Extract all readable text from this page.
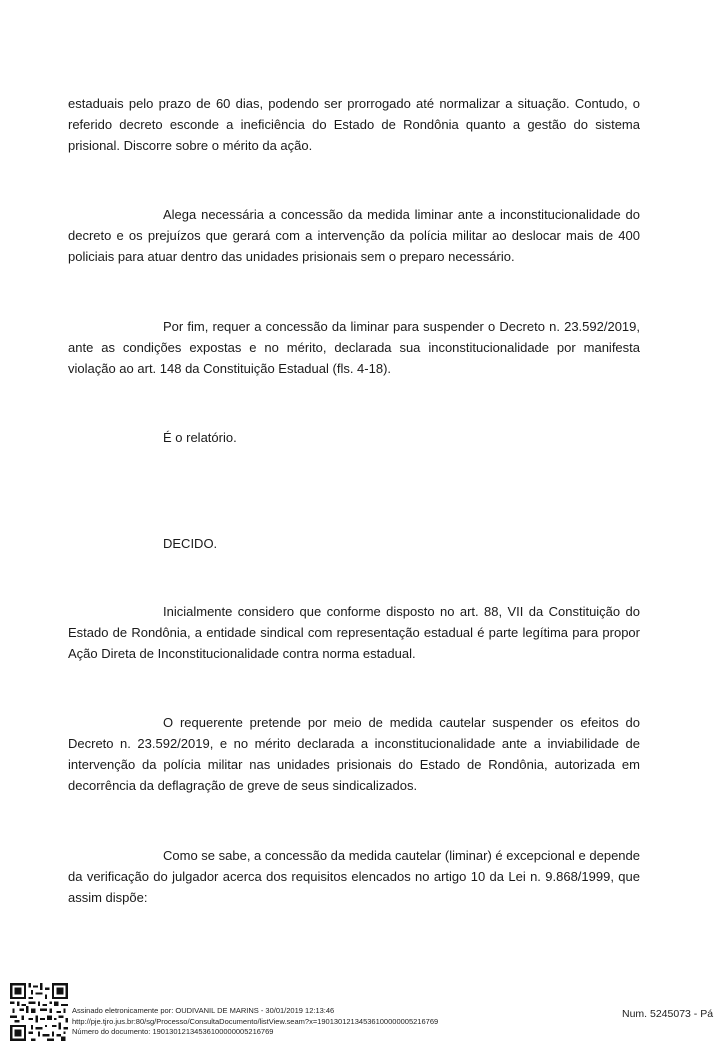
estaduais pelo prazo de 60 dias, podendo ser prorrogado até normalizar a situação. Contudo, o referido decreto esconde a ineficiência do Estado de Rondônia quanto a gestão do sistema prisional. Discorre sobre o mérito da ação.

Alega necessária a concessão da medida liminar ante a inconstitucionalidade do decreto e os prejuízos que gerará com a intervenção da polícia militar ao deslocar mais de 400 policiais para atuar dentro das unidades prisionais sem o preparo necessário.

Por fim, requer a concessão da liminar para suspender o Decreto n. 23.592/2019, ante as condições expostas e no mérito, declarada sua inconstitucionalidade por manifesta violação ao art. 148 da Constituição Estadual (fls. 4-18).

É o relatório.

DECIDO.

Inicialmente considero que conforme disposto no art. 88, VII da Constituição do Estado de Rondônia, a entidade sindical com representação estadual é parte legítima para propor Ação Direta de Inconstitucionalidade contra norma estadual.

O requerente pretende por meio de medida cautelar suspender os efeitos do Decreto n. 23.592/2019, e no mérito declarada a inconstitucionalidade ante a inviabilidade de intervenção da polícia militar nas unidades prisionais do Estado de Rondônia, autorizada em decorrência da deflagração de greve de seus sindicalizados.

Como se sabe, a concessão da medida cautelar (liminar) é excepcional e depende da verificação do julgador acerca dos requisitos elencados no artigo 10 da Lei n. 9.868/1999, que assim dispõe:

Assinado eletronicamente por: OUDIVANIL DE MARINS - 30/01/2019 12:13:46
http://pje.tjro.jus.br:80/sg/Processo/ConsultaDocumento/listView.seam?x=19013012134536100000005216769
Número do documento: 19013012134536100000005216769
Num. 5245073 - Pá
